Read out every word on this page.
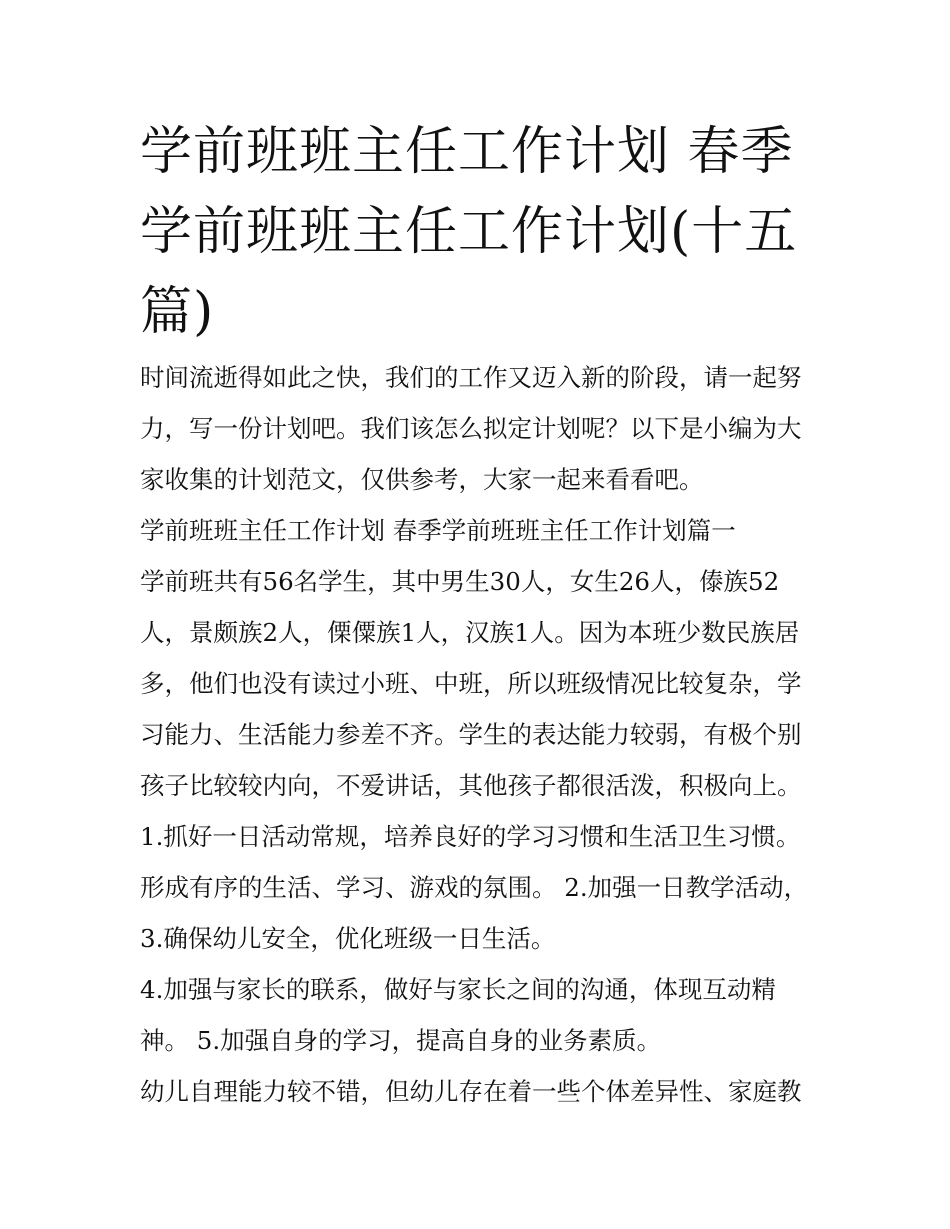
学前班班主任工作计划 春季学前班班主任工作计划(十五篇)

时间流逝得如此之快，我们的工作又迈入新的阶段，请一起努力，写一份计划吧。我们该怎么拟定计划呢？以下是小编为大家收集的计划范文，仅供参考，大家一起来看看吧。

学前班班主任工作计划 春季学前班班主任工作计划篇一

学前班共有56名学生，其中男生30人，女生26人，傣族52人，景颇族2人，傈僳族1人，汉族1人。因为本班少数民族居多，他们也没有读过小班、中班，所以班级情况比较复杂，学习能力、生活能力参差不齐。学生的表达能力较弱，有极个别孩子比较较内向，不爱讲话，其他孩子都很活泼，积极向上。

1.抓好一日活动常规，培养良好的学习习惯和生活卫生习惯。形成有序的生活、学习、游戏的氛围。 2.加强一日教学活动，

3.确保幼儿安全，优化班级一日生活。

4.加强与家长的联系，做好与家长之间的沟通，体现互动精神。 5.加强自身的学习，提高自身的业务素质。

幼儿自理能力较不错，但幼儿存在着一些个体差异性、家庭教
